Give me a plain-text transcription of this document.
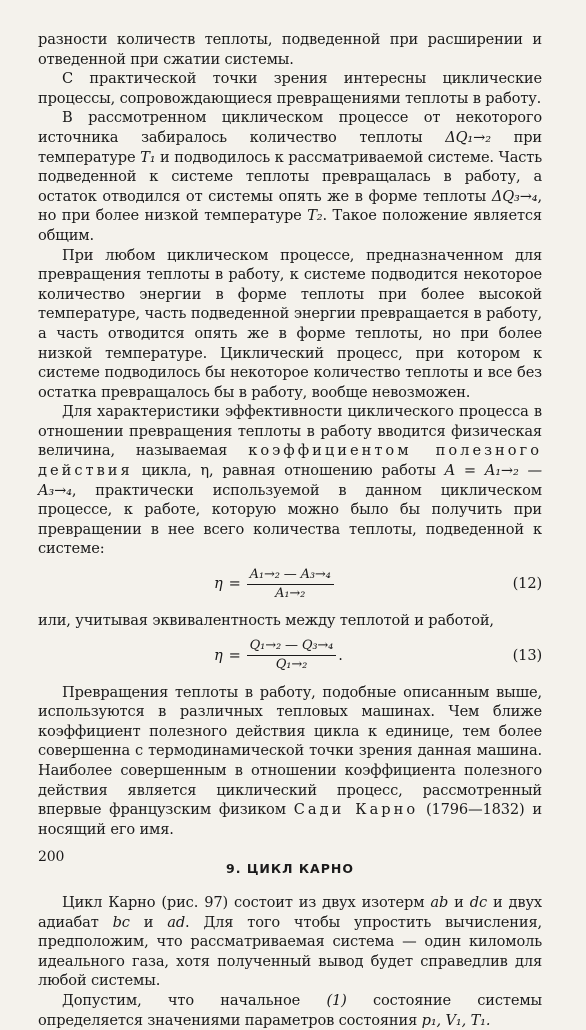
разности количеств теплоты, подведенной при расширении и отведенной при сжатии системы.

С практической точки зрения интересны циклические процессы, сопровождающиеся превращениями теплоты в работу.

В рассмотренном циклическом процессе от некоторого источника забиралось количество теплоты ΔQ₁→₂ при температуре T₁ и подводилось к рассматриваемой системе. Часть подведенной к системе теплоты превращалась в работу, а остаток отводился от системы опять же в форме теплоты ΔQ₃→₄, но при более низкой температуре T₂. Такое положение является общим.

При любом циклическом процессе, предназначенном для превращения теплоты в работу, к системе подводится некоторое количество энергии в форме теплоты при более высокой температуре, часть подведенной энергии превращается в работу, а часть отводится опять же в форме теплоты, но при более низкой температуре. Циклический процесс, при котором к системе подводилось бы некоторое количество теплоты и все без остатка превращалось бы в работу, вообще невозможен.

Для характеристики эффективности циклического процесса в отношении превращения теплоты в работу вводится физическая величина, называемая коэффициентом полезного действия цикла, η, равная отношению работы A = A₁→₂ — A₃→₄, практически используемой в данном циклическом процессе, к работе, которую можно было бы получить при превращении в нее всего количества теплоты, подведенной к системе:

$\eta = \frac{\text{A₁→₂ — A₃→₄}}{\text{A₁→₂}}$	(12)

или, учитывая эквивалентность между теплотой и работой,

$\eta = \frac{\text{Q₁→₂ — Q₃→₄}}{\text{Q₁→₂}}$ .	(13)

Превращения теплоты в работу, подобные описанным выше, используются в различных тепловых машинах. Чем ближе коэффициент полезного действия цикла к единице, тем более совершенна с термодинамической точки зрения данная машина. Наиболее совершенным в отношении коэффициента полезного действия является циклический процесс, рассмотренный впервые французским физиком Сади Карно (1796—1832) и носящий его имя.

9. ЦИКЛ КАРНО

Цикл Карно (рис. 97) состоит из двух изотерм ab и dc и двух адиабат bc и ad. Для того чтобы упростить вычисления, предположим, что рассматриваемая система — один киломоль идеального газа, хотя полученный вывод будет справедлив для любой системы.

Допустим, что начальное (1) состояние системы определяется значениями параметров состояния p₁, V₁, T₁.

200
